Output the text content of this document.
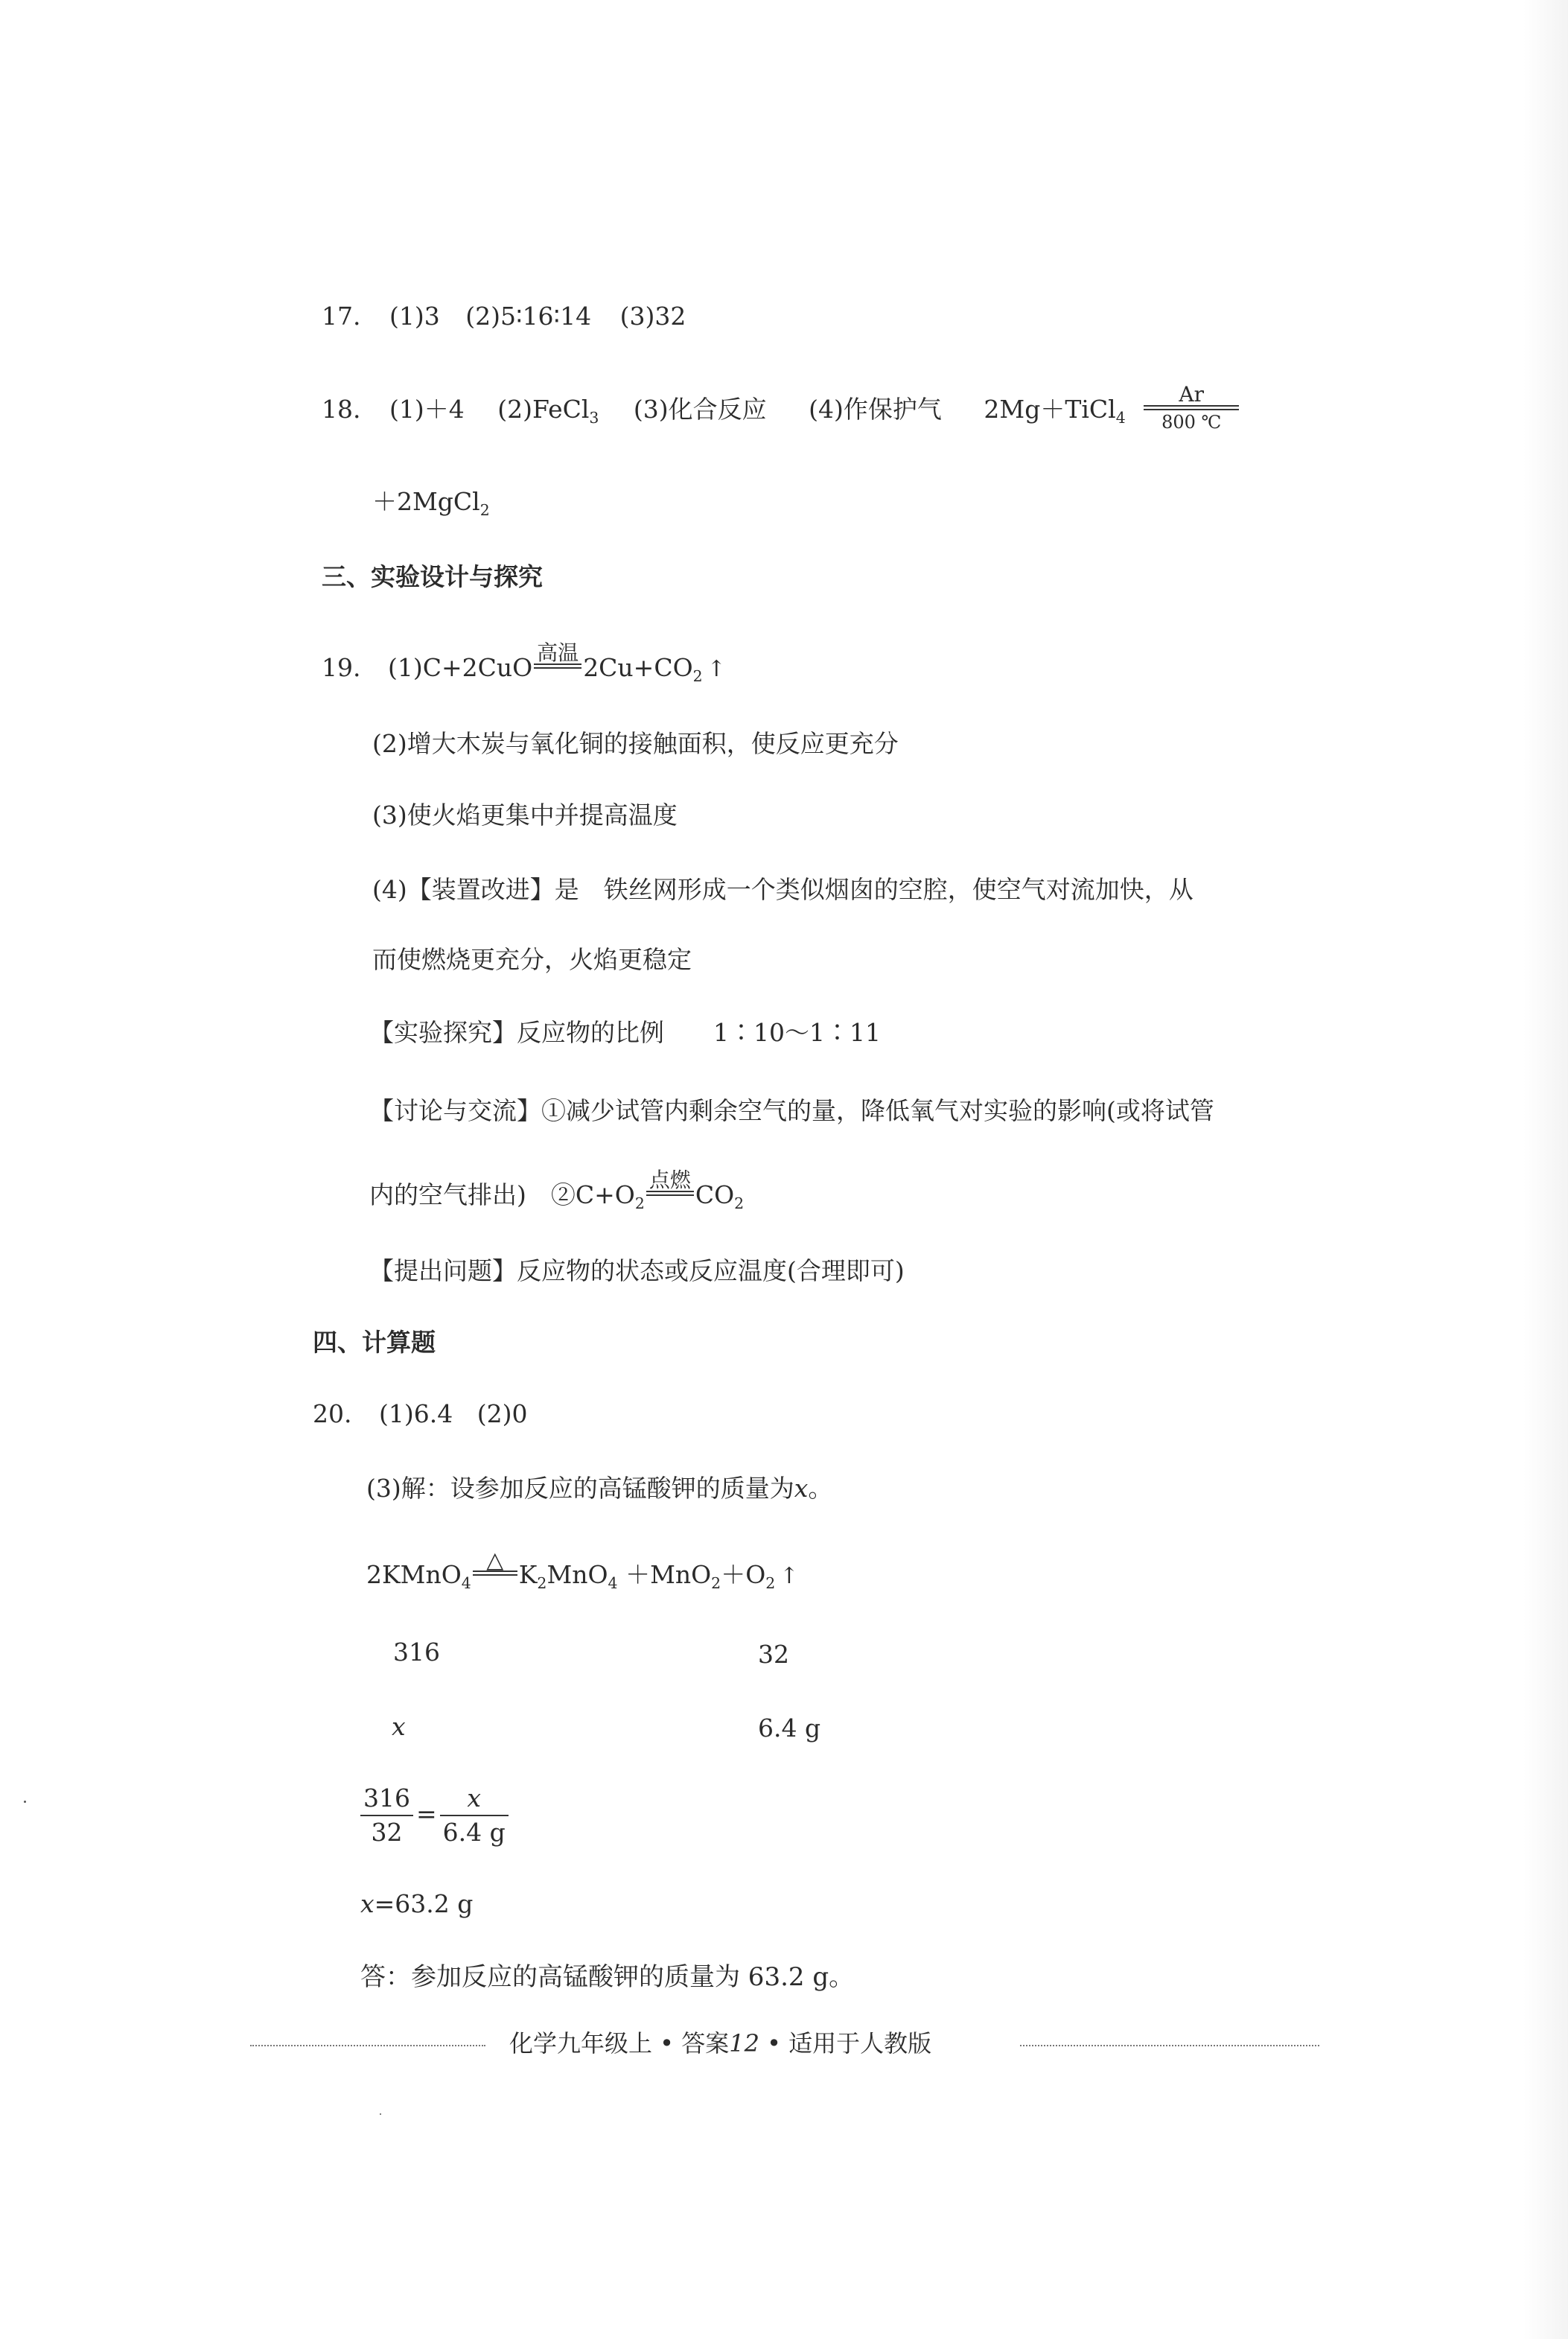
17. (1)3 (2)5∶16∶14 (3)32
18. (1)＋4 (2)FeCl$_3$ (3)化合反应 (4)作保护气 2Mg＋TiCl$_4$
Ar
800 ℃
＋2MgCl$_2$
三、实验设计与探究
19. (1)C+2CuO
高温
$2Cu+CO_2$ ↑
(2)增大木炭与氧化铜的接触面积，使反应更充分
(3)使火焰更集中并提高温度
(4)【装置改进】是　铁丝网形成一个类似烟囱的空腔，使空气对流加快，从
而使燃烧更充分，火焰更稳定
【实验探究】反应物的比例　　1∶10～1∶11
【讨论与交流】①减少试管内剩余空气的量，降低氧气对实验的影响(或将试管
内的空气排出)　$②C+O_2$
点燃
$CO_2$
【提出问题】反应物的状态或反应温度(合理即可)
四、计算题
20. (1)6.4 (2)0
(3)解：设参加反应的高锰酸钾的质量为x。
2KMnO$_4$
△ $K_2MnO_4 +MnO_2+O_2$ ↑
316	32
x	6.4 g
$\frac{316}{32} = \frac{x}{6.4 g}$
x=63.2 g
答：参加反应的高锰酸钾的质量为 63.2 g。
化学九年级上 • 答案12 • 适用于人教版
